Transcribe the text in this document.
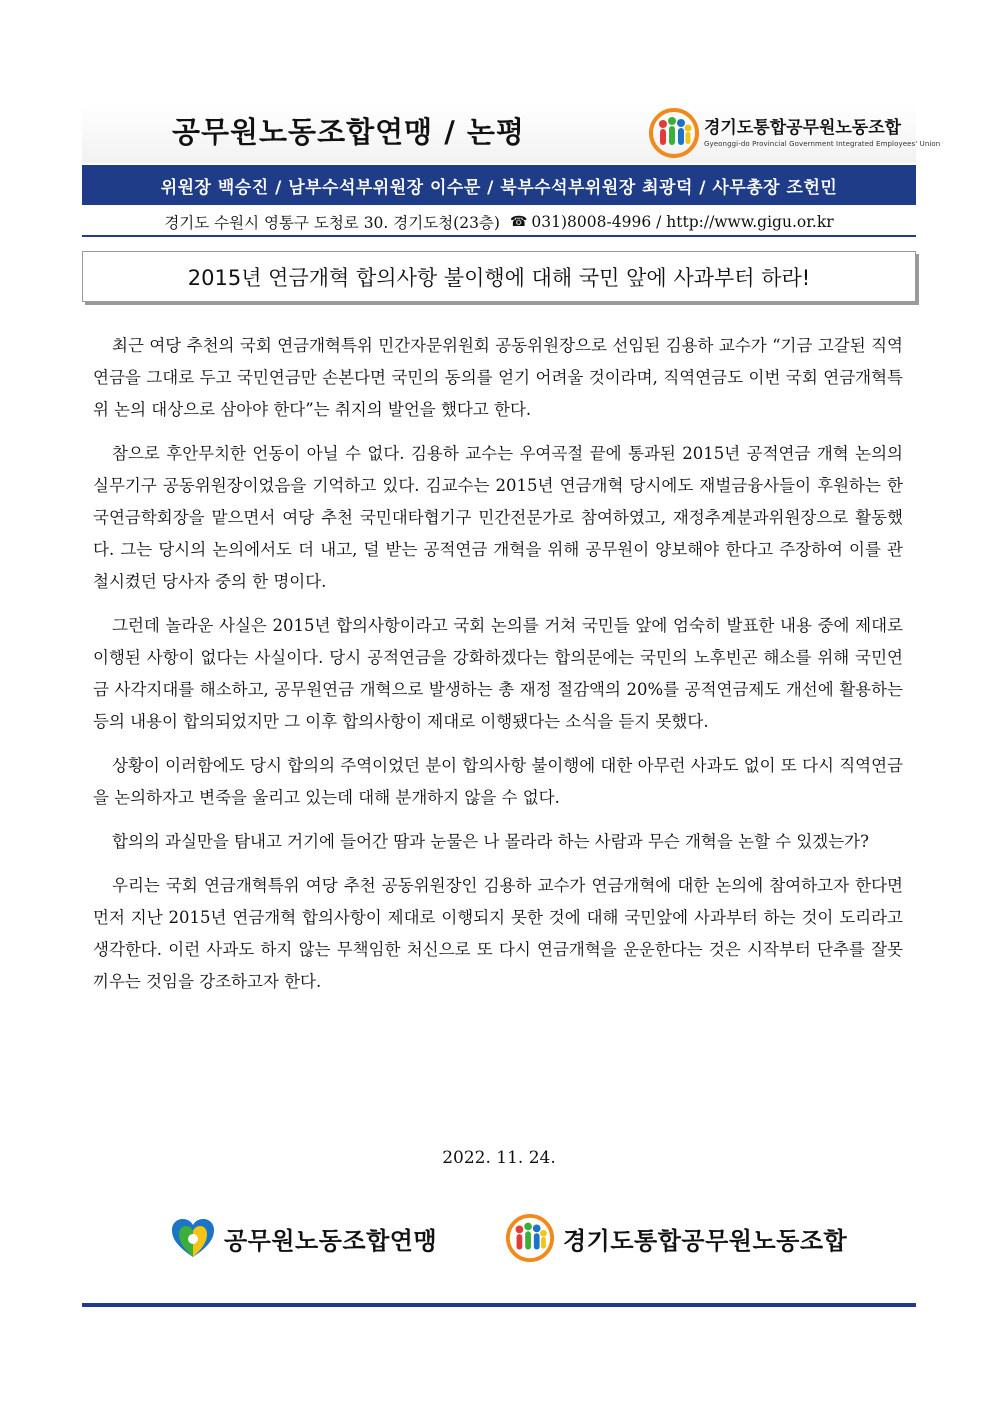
공무원노동조합연맹 / 논평	경기도통합공무원노동조합
Gyeonggi-do Provincial Government Integrated Employees' Union
위원장 백승진 / 남부수석부위원장 이수문 / 북부수석부위원장 최광덕 / 사무총장 조헌민
경기도 수원시 영통구 도청로 30. 경기도청(23층) ☎ 031)8008-4996 / http://www.gigu.or.kr
2015년 연금개혁 합의사항 불이행에 대해 국민 앞에 사과부터 하라!

최근 여당 추천의 국회 연금개혁특위 민간자문위원회 공동위원장으로 선임된 김용하 교수가 “기금 고갈된 직역연금을 그대로 두고 국민연금만 손본다면 국민의 동의를 얻기 어려울 것이라며, 직역연금도 이번 국회 연금개혁특위 논의 대상으로 삼아야 한다”는 취지의 발언을 했다고 한다.

참으로 후안무치한 언동이 아닐 수 없다. 김용하 교수는 우여곡절 끝에 통과된 2015년 공적연금 개혁 논의의 실무기구 공동위원장이었음을 기억하고 있다. 김교수는 2015년 연금개혁 당시에도 재벌금융사들이 후원하는 한국연금학회장을 맡으면서 여당 추천 국민대타협기구 민간전문가로 참여하였고, 재정추계분과위원장으로 활동했다. 그는 당시의 논의에서도 더 내고, 덜 받는 공적연금 개혁을 위해 공무원이 양보해야 한다고 주장하여 이를 관철시켰던 당사자 중의 한 명이다.

그런데 놀라운 사실은 2015년 합의사항이라고 국회 논의를 거쳐 국민들 앞에 엄숙히 발표한 내용 중에 제대로 이행된 사항이 없다는 사실이다. 당시 공적연금을 강화하겠다는 합의문에는 국민의 노후빈곤 해소를 위해 국민연금 사각지대를 해소하고, 공무원연금 개혁으로 발생하는 총 재정 절감액의 20%를 공적연금제도 개선에 활용하는 등의 내용이 합의되었지만 그 이후 합의사항이 제대로 이행됐다는 소식을 듣지 못했다.

상황이 이러함에도 당시 합의의 주역이었던 분이 합의사항 불이행에 대한 아무런 사과도 없이 또 다시 직역연금을 논의하자고 변죽을 울리고 있는데 대해 분개하지 않을 수 없다.

합의의 과실만을 탐내고 거기에 들어간 땀과 눈물은 나 몰라라 하는 사람과 무슨 개혁을 논할 수 있겠는가?

우리는 국회 연금개혁특위 여당 추천 공동위원장인 김용하 교수가 연금개혁에 대한 논의에 참여하고자 한다면 먼저 지난 2015년 연금개혁 합의사항이 제대로 이행되지 못한 것에 대해 국민앞에 사과부터 하는 것이 도리라고 생각한다. 이런 사과도 하지 않는 무책임한 처신으로 또 다시 연금개혁을 운운한다는 것은 시작부터 단추를 잘못 끼우는 것임을 강조하고자 한다.

2022. 11. 24.
공무원노동조합연맹	경기도통합공무원노동조합
